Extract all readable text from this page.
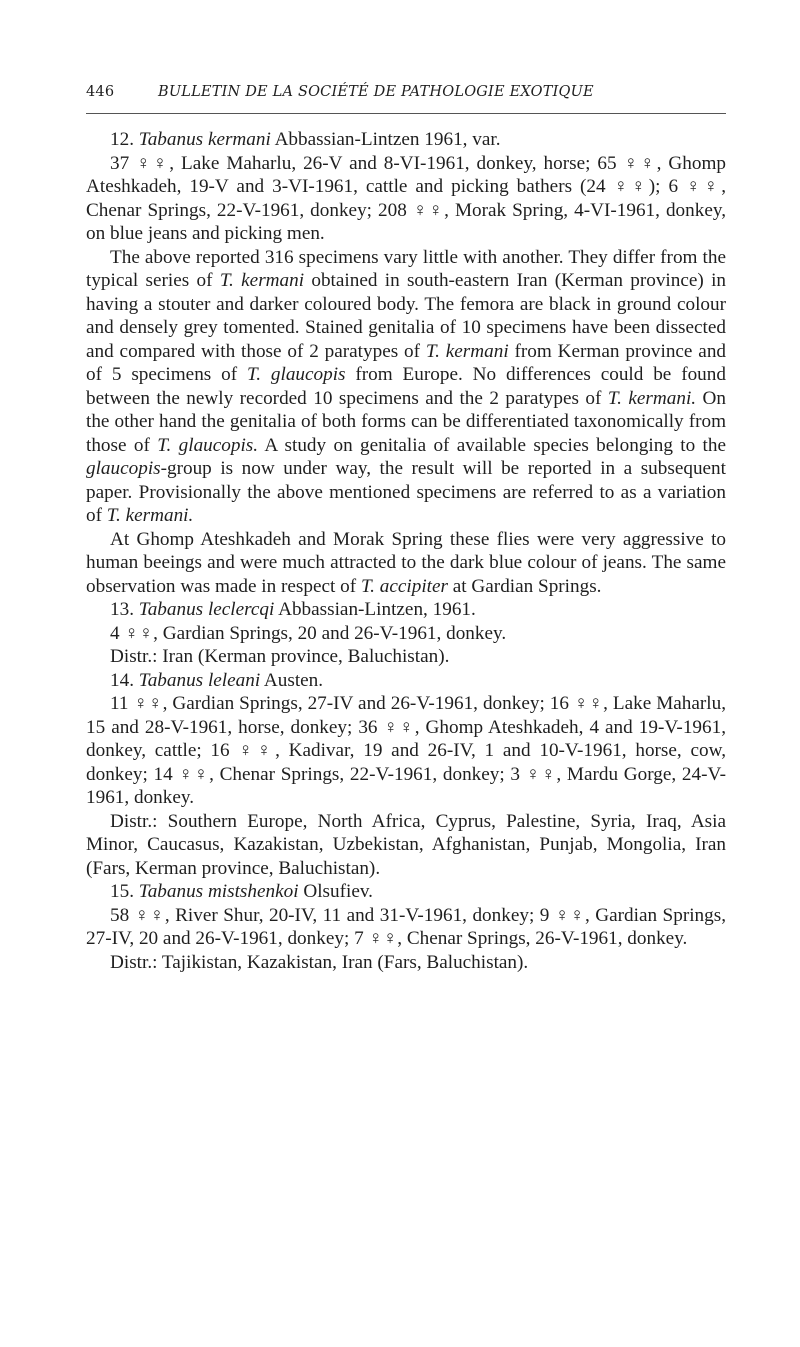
446	BULLETIN DE LA SOCIÉTÉ DE PATHOLOGIE EXOTIQUE

12. Tabanus kermani Abbassian-Lintzen 1961, var.

37 ♀♀, Lake Maharlu, 26-V and 8-VI-1961, donkey, horse; 65 ♀♀, Ghomp Ateshkadeh, 19-V and 3-VI-1961, cattle and picking bathers (24 ♀♀); 6 ♀♀, Chenar Springs, 22-V-1961, donkey; 208 ♀♀, Morak Spring, 4-VI-1961, donkey, on blue jeans and picking men.

The above reported 316 specimens vary little with another. They differ from the typical series of T. kermani obtained in south-eastern Iran (Kerman province) in having a stouter and darker coloured body. The femora are black in ground colour and densely grey tomented. Stained genitalia of 10 specimens have been dissected and compared with those of 2 paratypes of T. kermani from Kerman province and of 5 specimens of T. glaucopis from Europe. No differences could be found between the newly recorded 10 specimens and the 2 paratypes of T. kermani. On the other hand the genitalia of both forms can be differentiated taxonomically from those of T. glaucopis. A study on genitalia of available species belonging to the glaucopis-group is now under way, the result will be reported in a subsequent paper. Provisionally the above mentioned specimens are referred to as a variation of T. kermani.

At Ghomp Ateshkadeh and Morak Spring these flies were very aggressive to human beeings and were much attracted to the dark blue colour of jeans. The same observation was made in respect of T. accipiter at Gardian Springs.

13. Tabanus leclercqi Abbassian-Lintzen, 1961.

4 ♀♀, Gardian Springs, 20 and 26-V-1961, donkey.

Distr.: Iran (Kerman province, Baluchistan).

14. Tabanus leleani Austen.

11 ♀♀, Gardian Springs, 27-IV and 26-V-1961, donkey; 16 ♀♀, Lake Maharlu, 15 and 28-V-1961, horse, donkey; 36 ♀♀, Ghomp Ateshkadeh, 4 and 19-V-1961, donkey, cattle; 16 ♀♀, Kadivar, 19 and 26-IV, 1 and 10-V-1961, horse, cow, donkey; 14 ♀♀, Chenar Springs, 22-V-1961, donkey; 3 ♀♀, Mardu Gorge, 24-V-1961, donkey.

Distr.: Southern Europe, North Africa, Cyprus, Palestine, Syria, Iraq, Asia Minor, Caucasus, Kazakistan, Uzbekistan, Afghanistan, Punjab, Mongolia, Iran (Fars, Kerman province, Baluchistan).

15. Tabanus mistshenkoi Olsufiev.

58 ♀♀, River Shur, 20-IV, 11 and 31-V-1961, donkey; 9 ♀♀, Gardian Springs, 27-IV, 20 and 26-V-1961, donkey; 7 ♀♀, Chenar Springs, 26-V-1961, donkey.

Distr.: Tajikistan, Kazakistan, Iran (Fars, Baluchistan).
